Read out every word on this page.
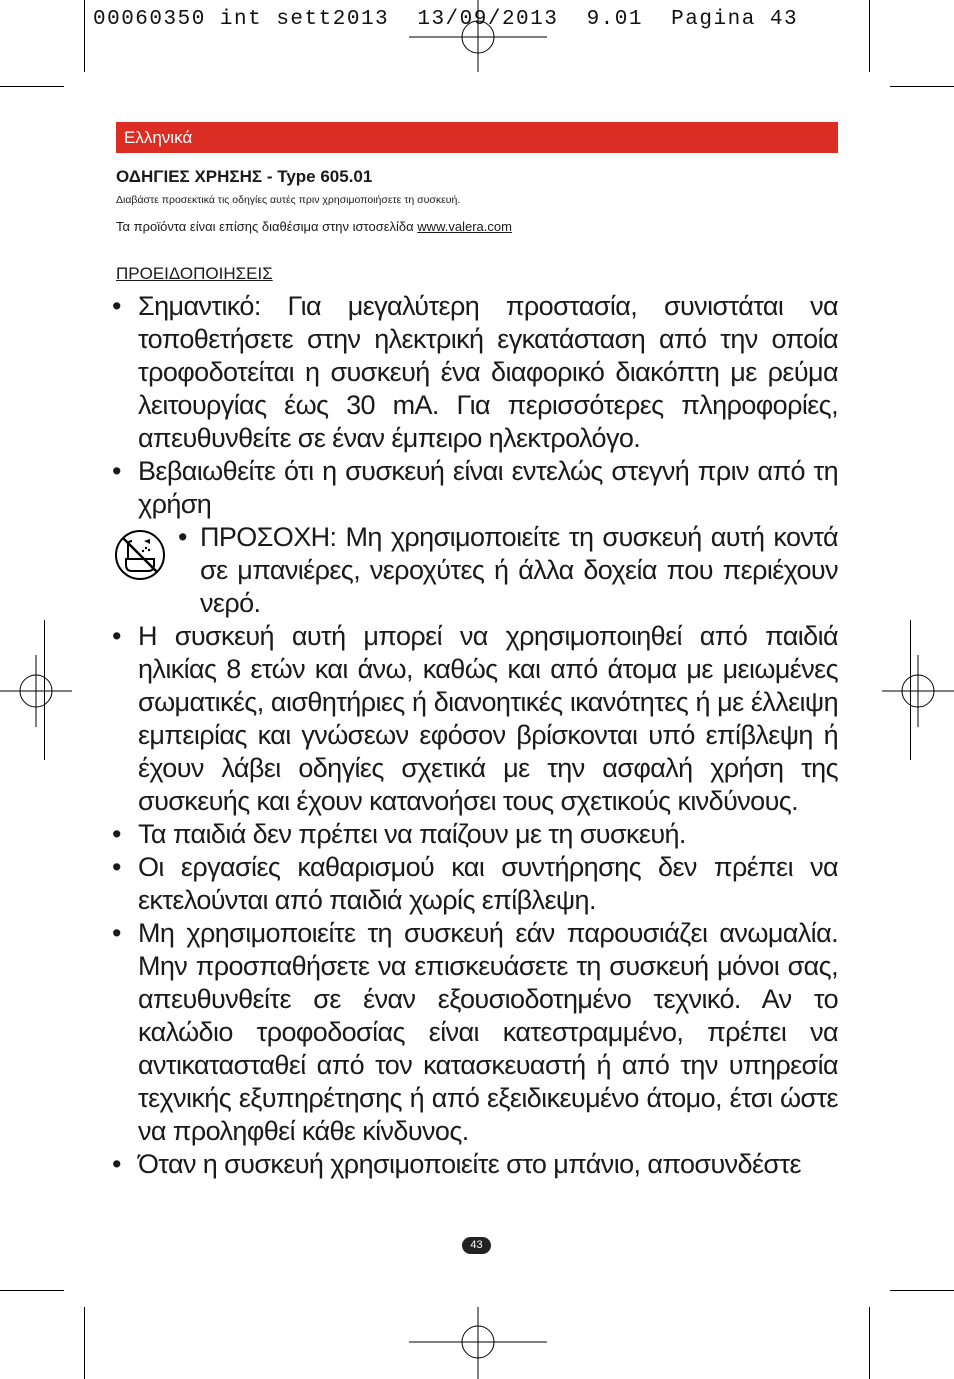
00060350 int sett2013  13/09/2013  9.01  Pagina 43
Ελληνικά
ΟΔΗΓΙΕΣ ΧΡΗΣΗΣ - Type 605.01
Διαβάστε προσεκτικά τις οδηγίες αυτές πριν χρησιμοποιήσετε τη συσκευή.
Τα προϊόντα είναι επίσης διαθέσιμα στην ιστοσελίδα www.valera.com
ΠΡΟΕΙΔΟΠΟΙΗΣΕΙΣ
• Σημαντικό: Για μεγαλύτερη προστασία, συνιστάται να τοποθετήσετε στην ηλεκτρική εγκατάσταση από την οποία τροφοδοτείται η συσκευή ένα διαφορικό διακόπτη με ρεύμα λειτουργίας έως 30 mA. Για περισσότερες πληροφορίες, απευθυνθείτε σε έναν έμπειρο ηλεκτρολόγο.
• Βεβαιωθείτε ότι η συσκευή είναι εντελώς στεγνή πριν από τη χρήση
• ΠΡΟΣΟΧΗ: Μη χρησιμοποιείτε τη συσκευή αυτή κοντά σε μπανιέρες, νεροχύτες ή άλλα δοχεία που περιέχουν νερό.
• Η συσκευή αυτή μπορεί να χρησιμοποιηθεί από παιδιά ηλικίας 8 ετών και άνω, καθώς και από άτομα με μειωμένες σωματικές, αισθητήριες ή διανοητικές ικανότητες ή με έλλειψη εμπειρίας και γνώσεων εφόσον βρίσκονται υπό επίβλεψη ή έχουν λάβει οδηγίες σχετικά με την ασφαλή χρήση της συσκευής και έχουν κατανοήσει τους σχετικούς κινδύνους.
• Τα παιδιά δεν πρέπει να παίζουν με τη συσκευή.
• Οι εργασίες καθαρισμού και συντήρησης δεν πρέπει να εκτελούνται από παιδιά χωρίς επίβλεψη.
• Μη χρησιμοποιείτε τη συσκευή εάν παρουσιάζει ανωμαλία. Μην προσπαθήσετε να επισκευάσετε τη συσκευή μόνοι σας, απευθυνθείτε σε έναν εξουσιοδοτημένο τεχνικό. Αν το καλώδιο τροφοδοσίας είναι κατεστραμμένο, πρέπει να αντικατασταθεί από τον κατασκευαστή ή από την υπηρεσία τεχνικής εξυπηρέτησης ή από εξειδικευμένο άτομο, έτσι ώστε να προληφθεί κάθε κίνδυνος.
• Όταν η συσκευή χρησιμοποιείτε στο μπάνιο, αποσυνδέστε
43
